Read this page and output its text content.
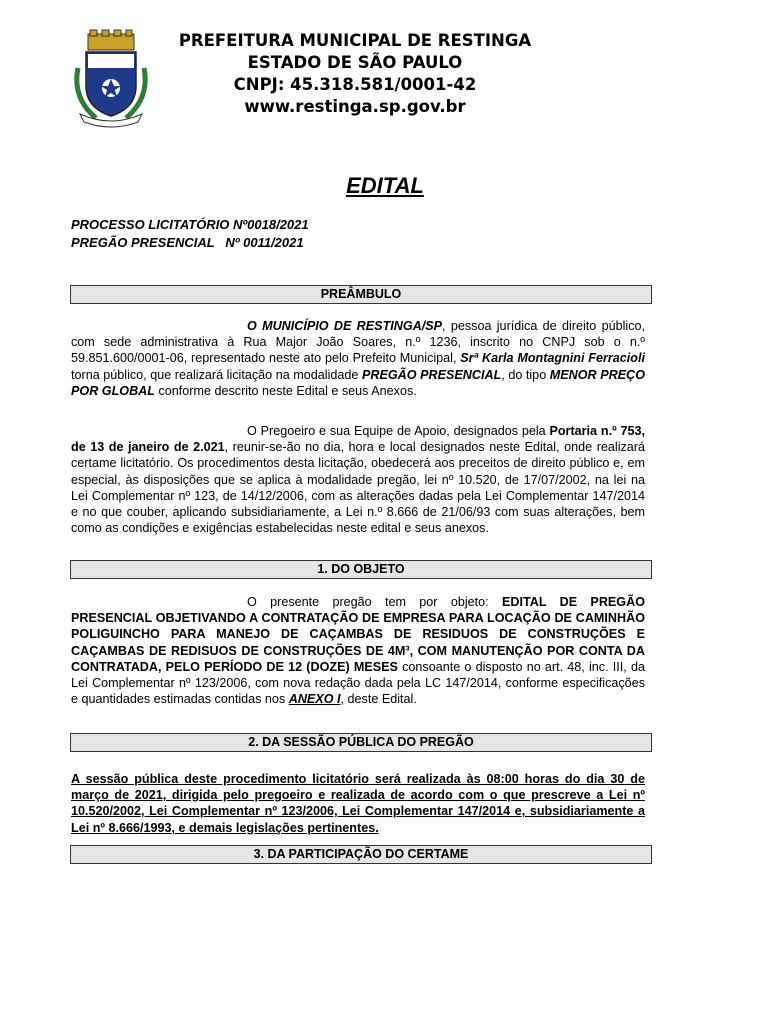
PREFEITURA MUNICIPAL DE RESTINGA
ESTADO DE SÃO PAULO
CNPJ: 45.318.581/0001-42
www.restinga.sp.gov.br
EDITAL
PROCESSO LICITATÓRIO Nº0018/2021
PREGÃO PRESENCIAL   Nº 0011/2021
PREÂMBULO
O MUNICÍPIO DE RESTINGA/SP, pessoa jurídica de direito público, com sede administrativa à Rua Major João Soares, n.º 1236, inscrito no CNPJ sob o n.º 59.851.600/0001-06, representado neste ato pelo Prefeito Municipal, Srª Karla Montagnini Ferracioli torna público, que realizará licitação na modalidade PREGÃO PRESENCIAL, do tipo MENOR PREÇO POR GLOBAL conforme descrito neste Edital e seus Anexos.
O Pregoeiro e sua Equipe de Apoio, designados pela Portaria n.º 753, de 13 de janeiro de 2.021, reunir-se-ão no dia, hora e local designados neste Edital, onde realizará certame licitatório. Os procedimentos desta licitação, obedecerá aos preceitos de direito público e, em especial, às disposições que se aplica à modalidade pregão, lei nº 10.520, de 17/07/2002, na lei na Lei Complementar nº 123, de 14/12/2006, com as alterações dadas pela Lei Complementar 147/2014 e no que couber, aplicando subsidiariamente, a Lei n.º 8.666 de 21/06/93 com suas alterações, bem como as condições e exigências estabelecidas neste edital e seus anexos.
1. DO OBJETO
O presente pregão tem por objeto: EDITAL DE PREGÃO PRESENCIAL OBJETIVANDO A CONTRATAÇÃO DE EMPRESA PARA LOCAÇÃO DE CAMINHÃO POLIGUINCHO PARA MANEJO DE CAÇAMBAS DE RESIDUOS DE CONSTRUÇÕES E CAÇAMBAS DE REDISUOS DE CONSTRUÇÕES DE 4M³, COM MANUTENÇÃO POR CONTA DA CONTRATADA, PELO PERÍODO DE 12 (DOZE) MESES consoante o disposto no art. 48, inc. III, da Lei Complementar nº 123/2006, com nova redação dada pela LC 147/2014, conforme especificações e quantidades estimadas contidas nos ANEXO I, deste Edital.
2. DA SESSÃO PÚBLICA DO PREGÃO
A sessão pública deste procedimento licitatório será realizada às 08:00 horas do dia 30 de março de 2021, dirigida pelo pregoeiro e realizada de acordo com o que prescreve a Lei nº 10.520/2002, Lei Complementar nº 123/2006, Lei Complementar 147/2014 e, subsidiariamente a Lei nº 8.666/1993, e demais legislações pertinentes.
3. DA PARTICIPAÇÃO DO CERTAME
